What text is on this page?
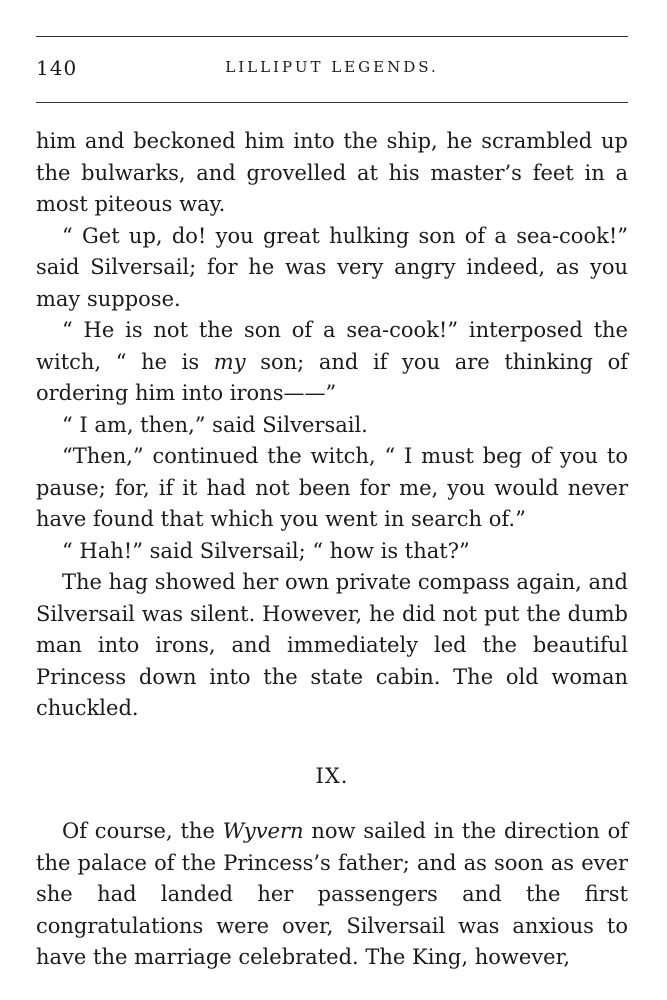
140	LILLIPUT LEGENDS.

him and beckoned him into the ship, he scrambled up the bulwarks, and grovelled at his master’s feet in a most piteous way.

“ Get up, do! you great hulking son of a sea-cook!” said Silversail; for he was very angry indeed, as you may suppose.

“ He is not the son of a sea-cook!” interposed the witch, “ he is my son; and if you are thinking of ordering him into irons——”

“ I am, then,” said Silversail.

“Then,” continued the witch, “ I must beg of you to pause; for, if it had not been for me, you would never have found that which you went in search of.”

“ Hah!” said Silversail; “ how is that?”

The hag showed her own private compass again, and Silversail was silent. However, he did not put the dumb man into irons, and immediately led the beautiful Princess down into the state cabin. The old woman chuckled.

IX.

Of course, the Wyvern now sailed in the direction of the palace of the Princess’s father; and as soon as ever she had landed her passengers and the first congratulations were over, Silversail was anxious to have the marriage celebrated. The King, however,
